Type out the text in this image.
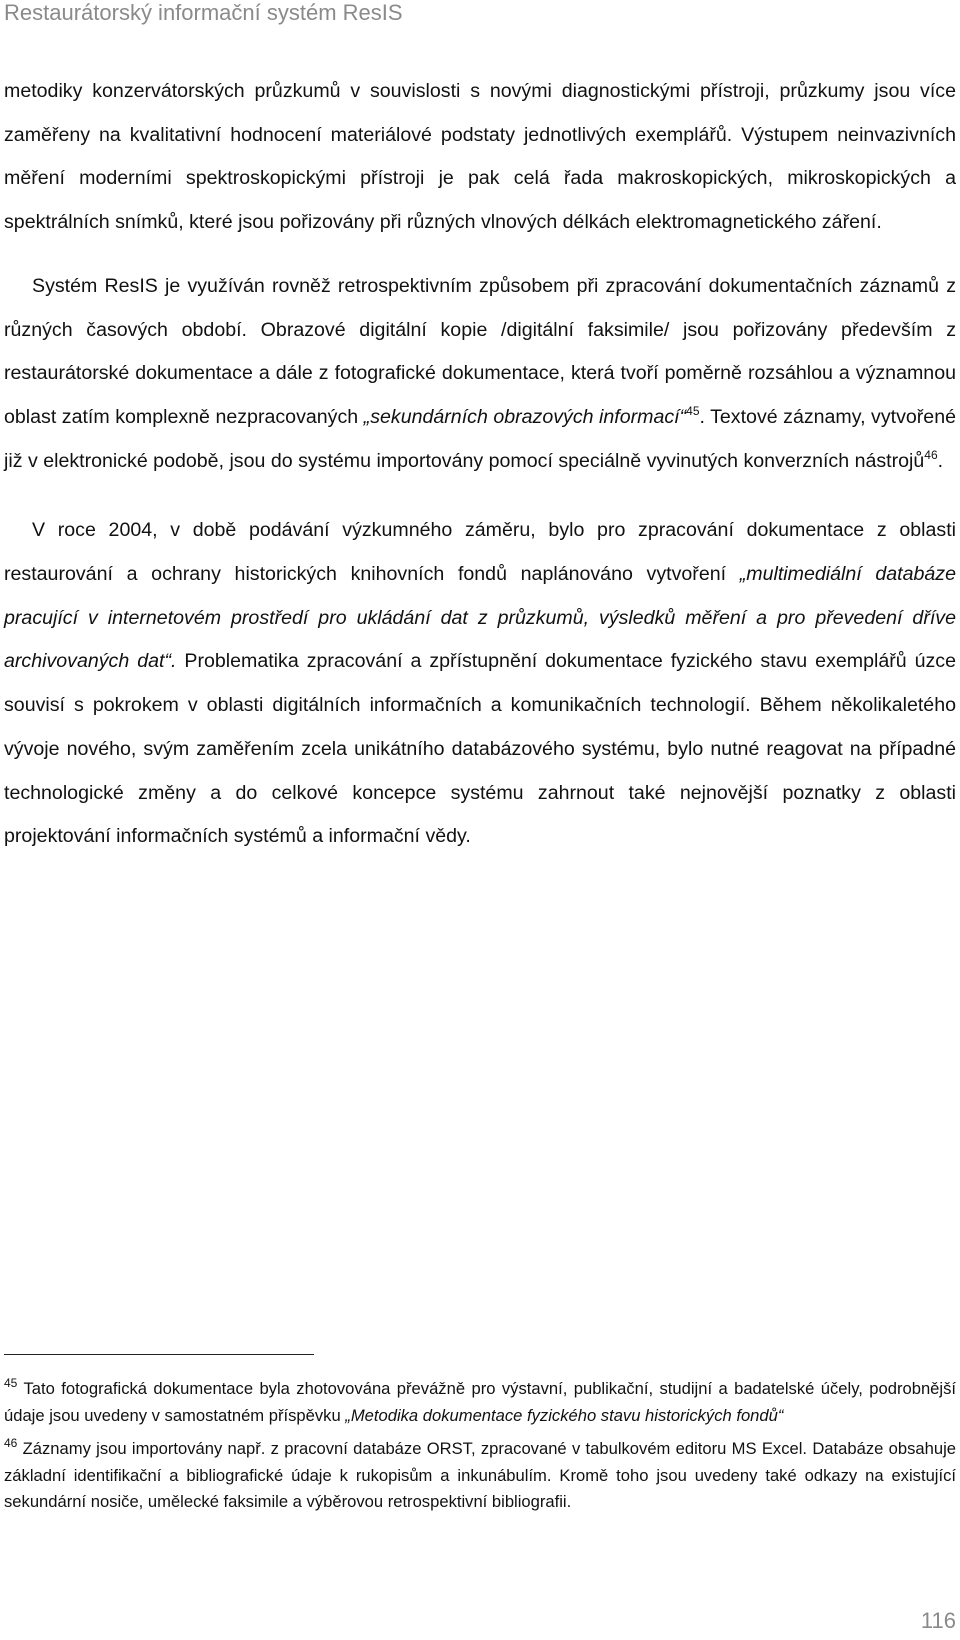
Restaurátorský informační systém ResIS

metodiky konzervátorských průzkumů v souvislosti s novými diagnostickými přístroji, průzkumy jsou více zaměřeny na kvalitativní hodnocení materiálové podstaty jednotlivých exemplářů. Výstupem neinvazivních měření moderními spektroskopickými přístroji je pak celá řada makroskopických, mikroskopických a spektrálních snímků, které jsou pořizovány při různých vlnových délkách elektromagnetického záření.

Systém ResIS je využíván rovněž retrospektivním způsobem při zpracování dokumentačních záznamů z různých časových období. Obrazové digitální kopie /digitální faksimile/ jsou pořizovány především z restaurátorské dokumentace a dále z fotografické dokumentace, která tvoří poměrně rozsáhlou a významnou oblast zatím komplexně nezpracovaných „sekundárních obrazových informací“$^{45}$. Textové záznamy, vytvořené již v elektronické podobě, jsou do systému importovány pomocí speciálně vyvinutých konverzních nástrojů$^{46}$.

V roce 2004, v době podávání výzkumného záměru, bylo pro zpracování dokumentace z oblasti restaurování a ochrany historických knihovních fondů naplánováno vytvoření „multimediální databáze pracující v internetovém prostředí pro ukládání dat z průzkumů, výsledků měření a pro převedení dříve archivovaných dat“. Problematika zpracování a zpřístupnění dokumentace fyzického stavu exemplářů úzce souvisí s pokrokem v oblasti digitálních informačních a komunikačních technologií. Během několikaletého vývoje nového, svým zaměřením zcela unikátního databázového systému, bylo nutné reagovat na případné technologické změny a do celkové koncepce systému zahrnout také nejnovější poznatky z oblasti projektování informačních systémů a informační vědy.

$^{45}$ Tato fotografická dokumentace byla zhotovována převážně pro výstavní, publikační, studijní a badatelské účely, podrobnější údaje jsou uvedeny v samostatném příspěvku „Metodika dokumentace fyzického stavu historických fondů“

$^{46}$ Záznamy jsou importovány např. z pracovní databáze ORST, zpracované v tabulkovém editoru MS Excel. Databáze obsahuje základní identifikační a bibliografické údaje k rukopisům a inkunábulím. Kromě toho jsou uvedeny také odkazy na existující sekundární nosiče, umělecké faksimile a výběrovou retrospektivní bibliografii.

116
